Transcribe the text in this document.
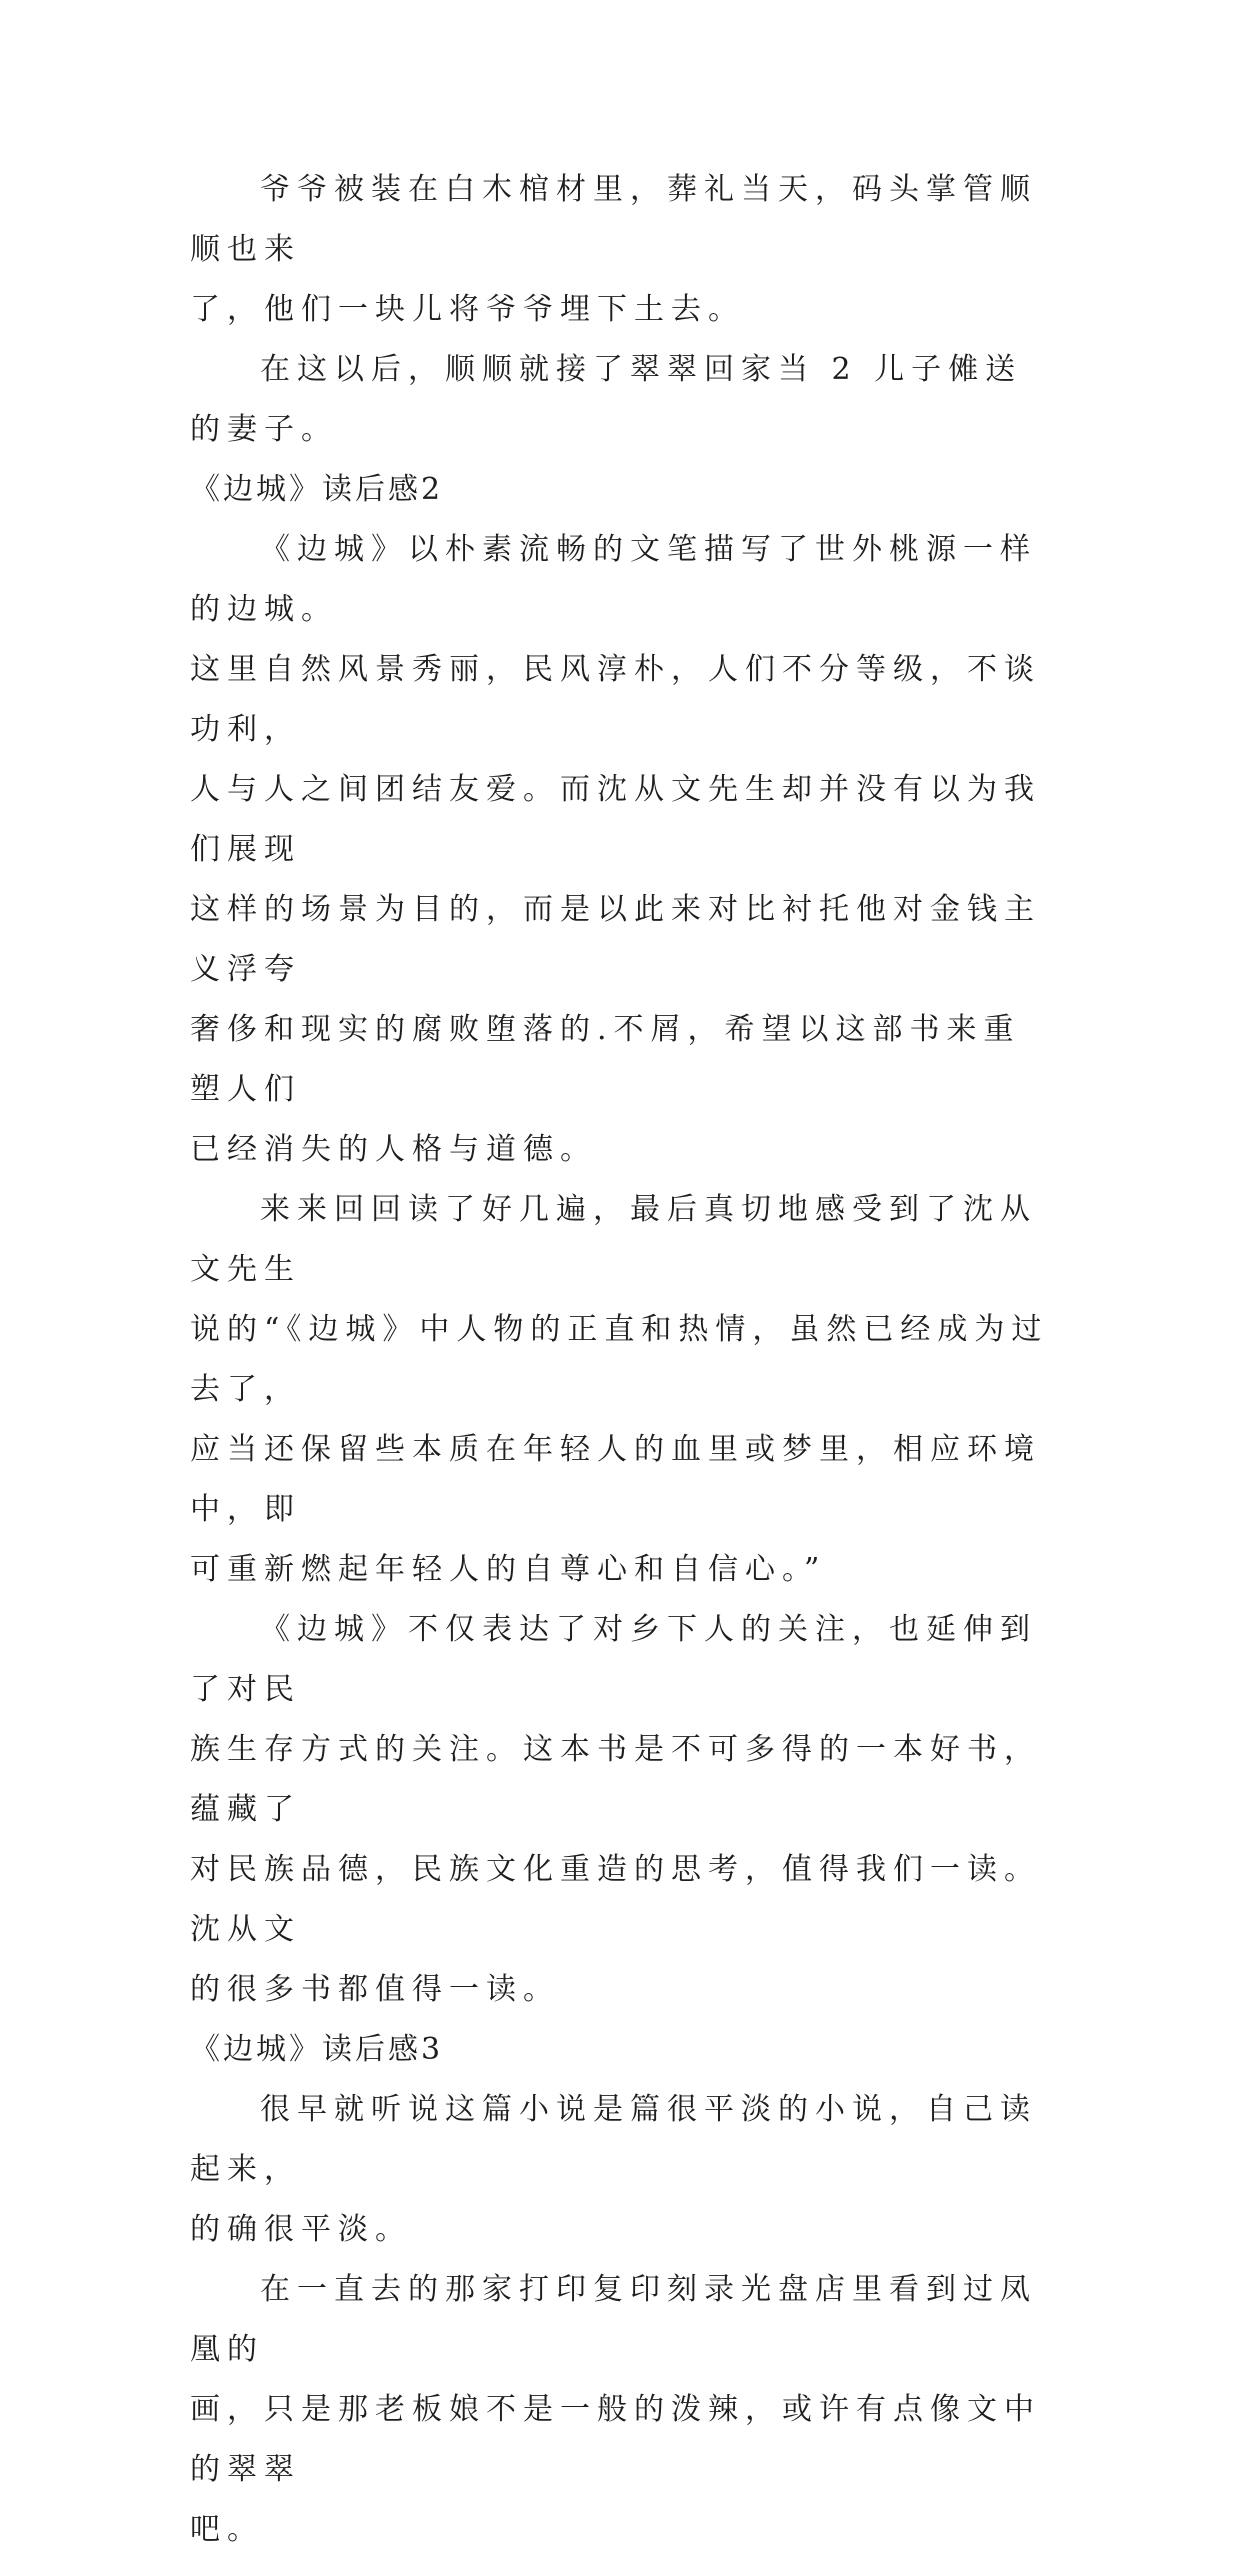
爷爷被装在白木棺材里，葬礼当天，码头掌管顺顺也来
了，他们一块儿将爷爷埋下土去。

在这以后，顺顺就接了翠翠回家当 2 儿子傩送的妻子。

《边城》读后感2

《边城》以朴素流畅的文笔描写了世外桃源一样的边城。
这里自然风景秀丽，民风淳朴，人们不分等级，不谈功利，
人与人之间团结友爱。而沈从文先生却并没有以为我们展现
这样的场景为目的，而是以此来对比衬托他对金钱主义浮夸
奢侈和现实的腐败堕落的.不屑，希望以这部书来重塑人们
已经消失的人格与道德。

来来回回读了好几遍，最后真切地感受到了沈从文先生
说的“《边城》中人物的正直和热情，虽然已经成为过去了，
应当还保留些本质在年轻人的血里或梦里，相应环境中，即
可重新燃起年轻人的自尊心和自信心。”

《边城》不仅表达了对乡下人的关注，也延伸到了对民
族生存方式的关注。这本书是不可多得的一本好书，蕴藏了
对民族品德，民族文化重造的思考，值得我们一读。沈从文
的很多书都值得一读。

《边城》读后感3

很早就听说这篇小说是篇很平淡的小说，自己读起来，
的确很平淡。

在一直去的那家打印复印刻录光盘店里看到过凤凰的
画，只是那老板娘不是一般的泼辣，或许有点像文中的翠翠
吧。
